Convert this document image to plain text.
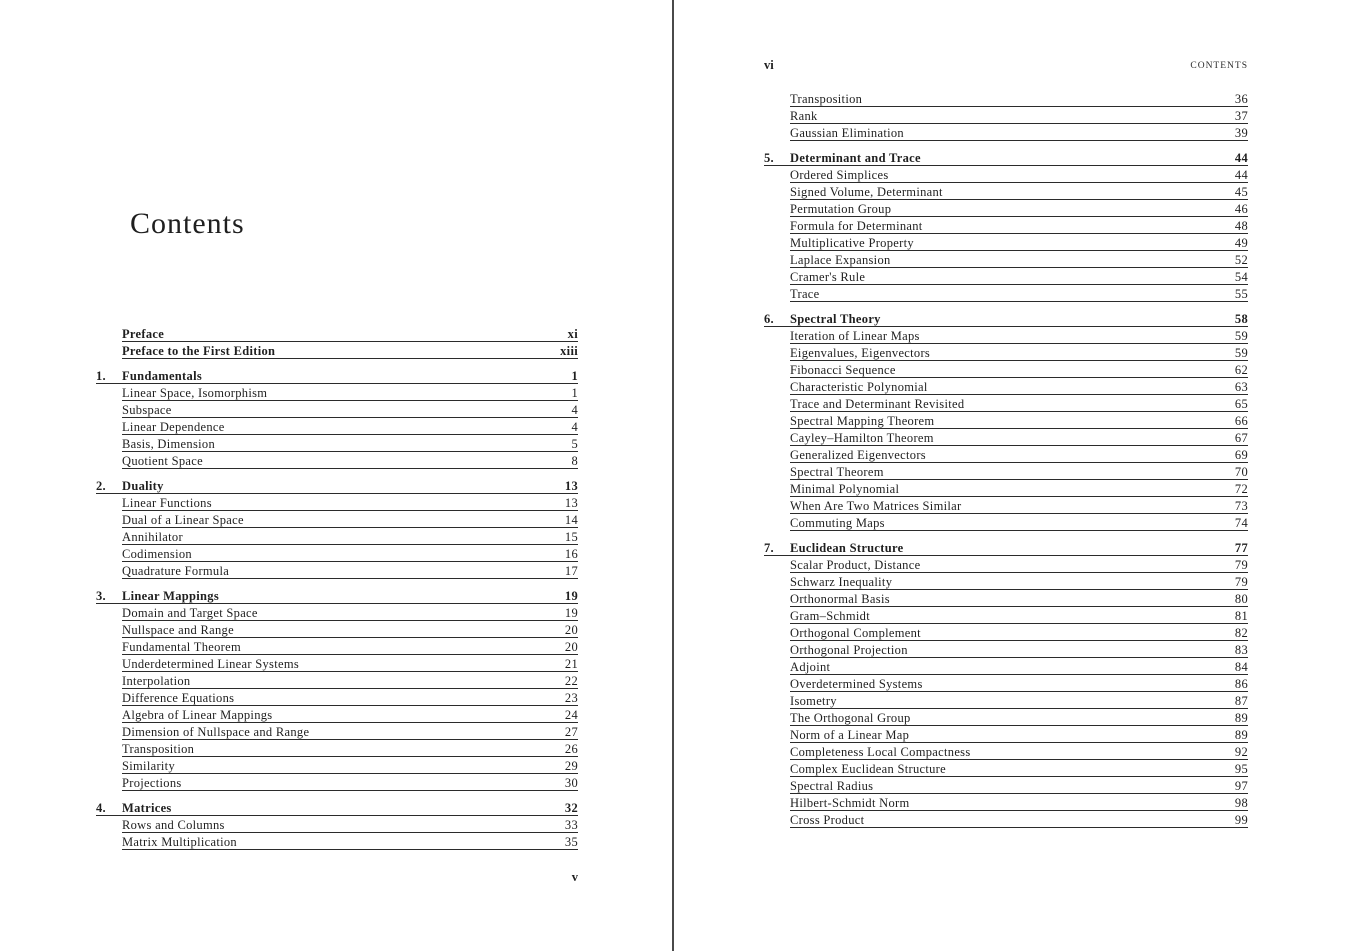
Contents
Preface	xi
Preface to the First Edition	xiii
1.	Fundamentals	1
Linear Space, Isomorphism	1
Subspace	4
Linear Dependence	4
Basis, Dimension	5
Quotient Space	8
2.	Duality	13
Linear Functions	13
Dual of a Linear Space	14
Annihilator	15
Codimension	16
Quadrature Formula	17
3.	Linear Mappings	19
Domain and Target Space	19
Nullspace and Range	20
Fundamental Theorem	20
Underdetermined Linear Systems	21
Interpolation	22
Difference Equations	23
Algebra of Linear Mappings	24
Dimension of Nullspace and Range	27
Transposition	26
Similarity	29
Projections	30
4.	Matrices	32
Rows and Columns	33
Matrix Multiplication	35
v
vi	CONTENTS
Transposition	36
Rank	37
Gaussian Elimination	39
5.	Determinant and Trace	44
Ordered Simplices	44
Signed Volume, Determinant	45
Permutation Group	46
Formula for Determinant	48
Multiplicative Property	49
Laplace Expansion	52
Cramer's Rule	54
Trace	55
6.	Spectral Theory	58
Iteration of Linear Maps	59
Eigenvalues, Eigenvectors	59
Fibonacci Sequence	62
Characteristic Polynomial	63
Trace and Determinant Revisited	65
Spectral Mapping Theorem	66
Cayley–Hamilton Theorem	67
Generalized Eigenvectors	69
Spectral Theorem	70
Minimal Polynomial	72
When Are Two Matrices Similar	73
Commuting Maps	74
7.	Euclidean Structure	77
Scalar Product, Distance	79
Schwarz Inequality	79
Orthonormal Basis	80
Gram–Schmidt	81
Orthogonal Complement	82
Orthogonal Projection	83
Adjoint	84
Overdetermined Systems	86
Isometry	87
The Orthogonal Group	89
Norm of a Linear Map	89
Completeness Local Compactness	92
Complex Euclidean Structure	95
Spectral Radius	97
Hilbert-Schmidt Norm	98
Cross Product	99
